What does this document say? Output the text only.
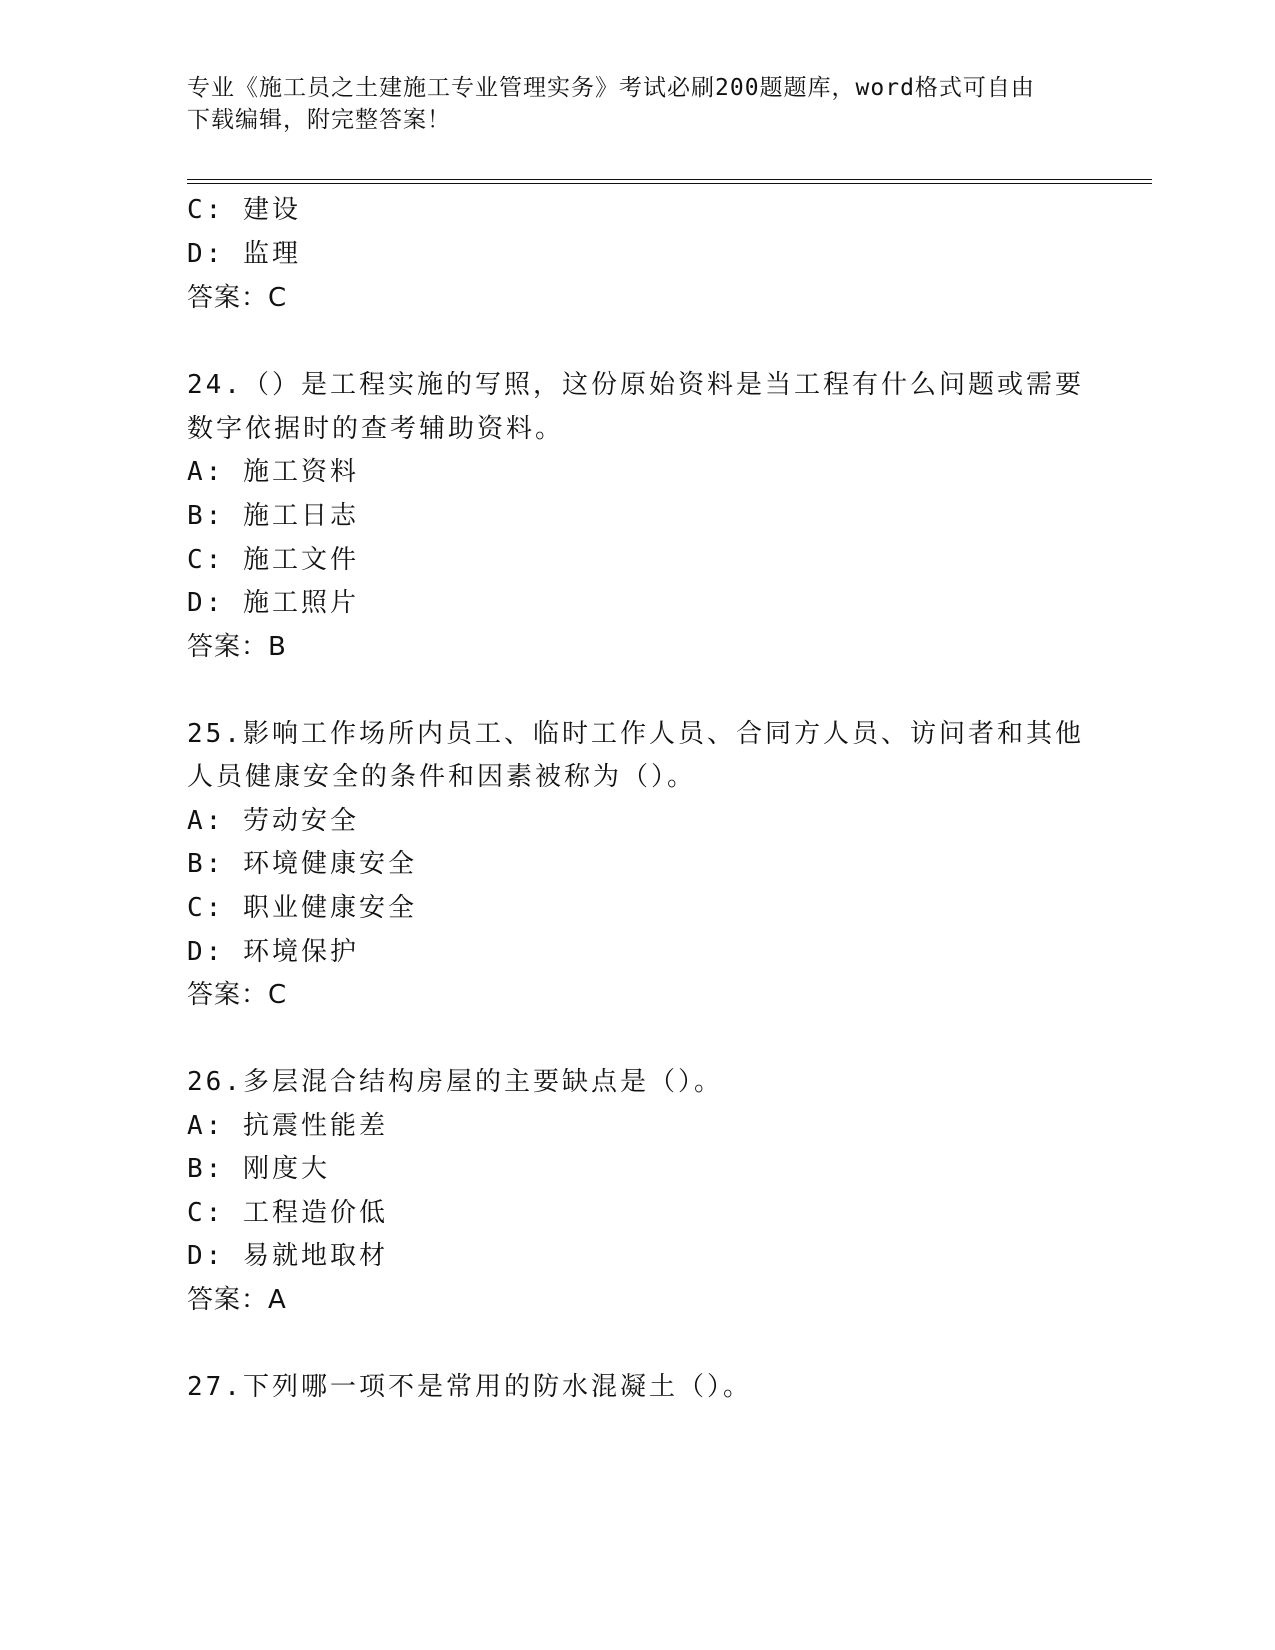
专业《施工员之土建施工专业管理实务》考试必刷200题题库，word格式可自由
下载编辑，附完整答案！
C: 建设
D: 监理
答案：C
24.（）是工程实施的写照，这份原始资料是当工程有什么问题或需要
数字依据时的查考辅助资料。
A: 施工资料
B: 施工日志
C: 施工文件
D: 施工照片
答案：B
25.影响工作场所内员工、临时工作人员、合同方人员、访问者和其他
人员健康安全的条件和因素被称为（）。
A: 劳动安全
B: 环境健康安全
C: 职业健康安全
D: 环境保护
答案：C
26.多层混合结构房屋的主要缺点是（）。
A: 抗震性能差
B: 刚度大
C: 工程造价低
D: 易就地取材
答案：A
27.下列哪一项不是常用的防水混凝土（）。
